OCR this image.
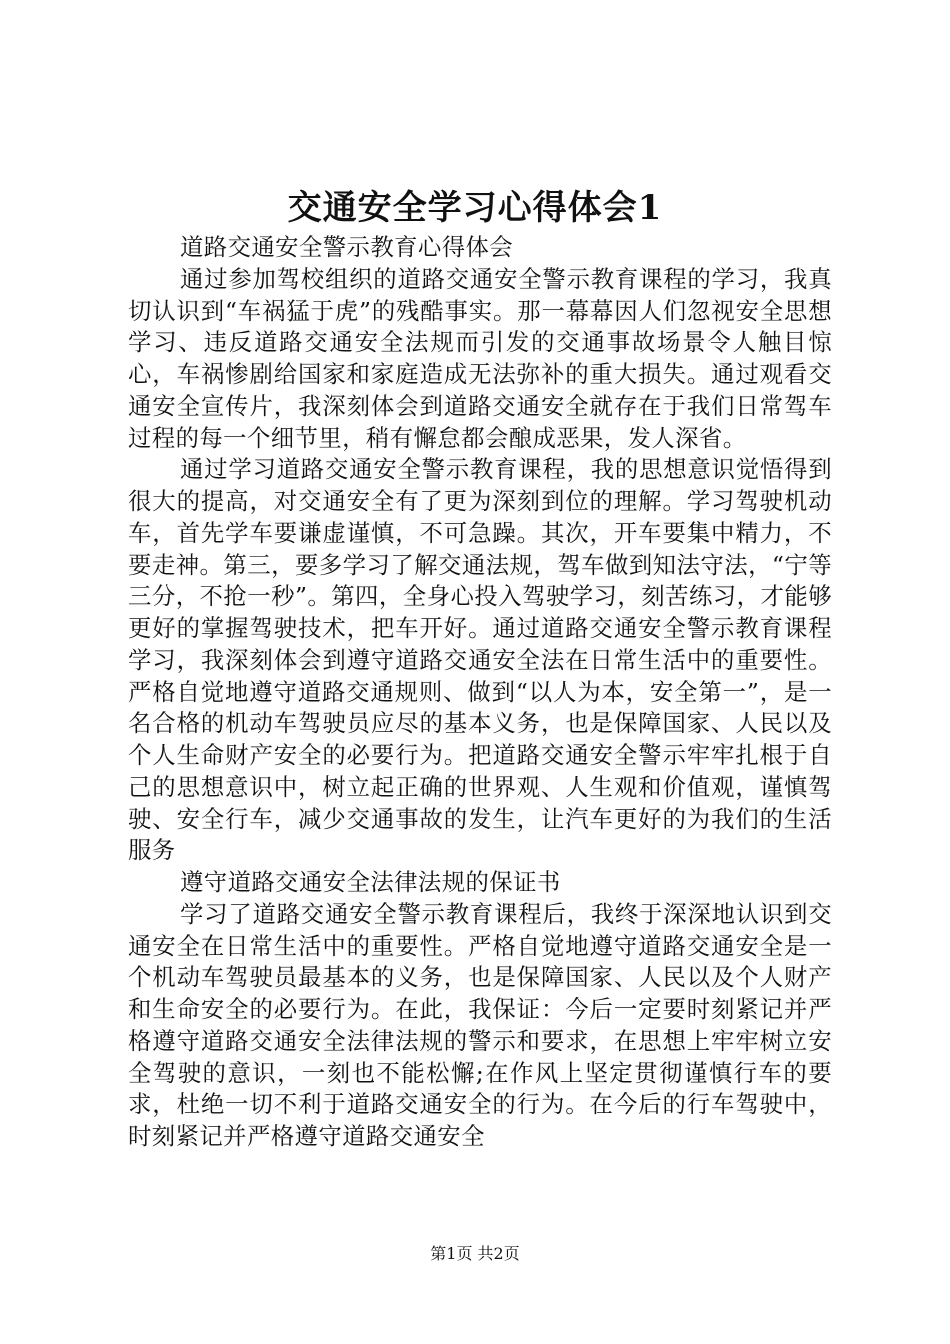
交通安全学习心得体会1

道路交通安全警示教育心得体会

通过参加驾校组织的道路交通安全警示教育课程的学习，我真切认识到“车祸猛于虎”的残酷事实。那一幕幕因人们忽视安全思想学习、违反道路交通安全法规而引发的交通事故场景令人触目惊心，车祸惨剧给国家和家庭造成无法弥补的重大损失。通过观看交通安全宣传片，我深刻体会到道路交通安全就存在于我们日常驾车过程的每一个细节里，稍有懈怠都会酿成恶果，发人深省。

通过学习道路交通安全警示教育课程，我的思想意识觉悟得到很大的提高，对交通安全有了更为深刻到位的理解。学习驾驶机动车，首先学车要谦虚谨慎，不可急躁。其次，开车要集中精力，不要走神。第三，要多学习了解交通法规，驾车做到知法守法，“宁等三分，不抢一秒”。第四，全身心投入驾驶学习，刻苦练习，才能够更好的掌握驾驶技术，把车开好。通过道路交通安全警示教育课程学习，我深刻体会到遵守道路交通安全法在日常生活中的重要性。严格自觉地遵守道路交通规则、做到“以人为本，安全第一”，是一名合格的机动车驾驶员应尽的基本义务，也是保障国家、人民以及个人生命财产安全的必要行为。把道路交通安全警示牢牢扎根于自己的思想意识中，树立起正确的世界观、人生观和价值观，谨慎驾驶、安全行车，减少交通事故的发生，让汽车更好的为我们的生活服务

遵守道路交通安全法律法规的保证书

学习了道路交通安全警示教育课程后，我终于深深地认识到交通安全在日常生活中的重要性。严格自觉地遵守道路交通安全是一个机动车驾驶员最基本的义务，也是保障国家、人民以及个人财产和生命安全的必要行为。在此，我保证：今后一定要时刻紧记并严格遵守道路交通安全法律法规的警示和要求，在思想上牢牢树立安全驾驶的意识，一刻也不能松懈;在作风上坚定贯彻谨慎行车的要求，杜绝一切不利于道路交通安全的行为。在今后的行车驾驶中，时刻紧记并严格遵守道路交通安全

第1页 共2页
